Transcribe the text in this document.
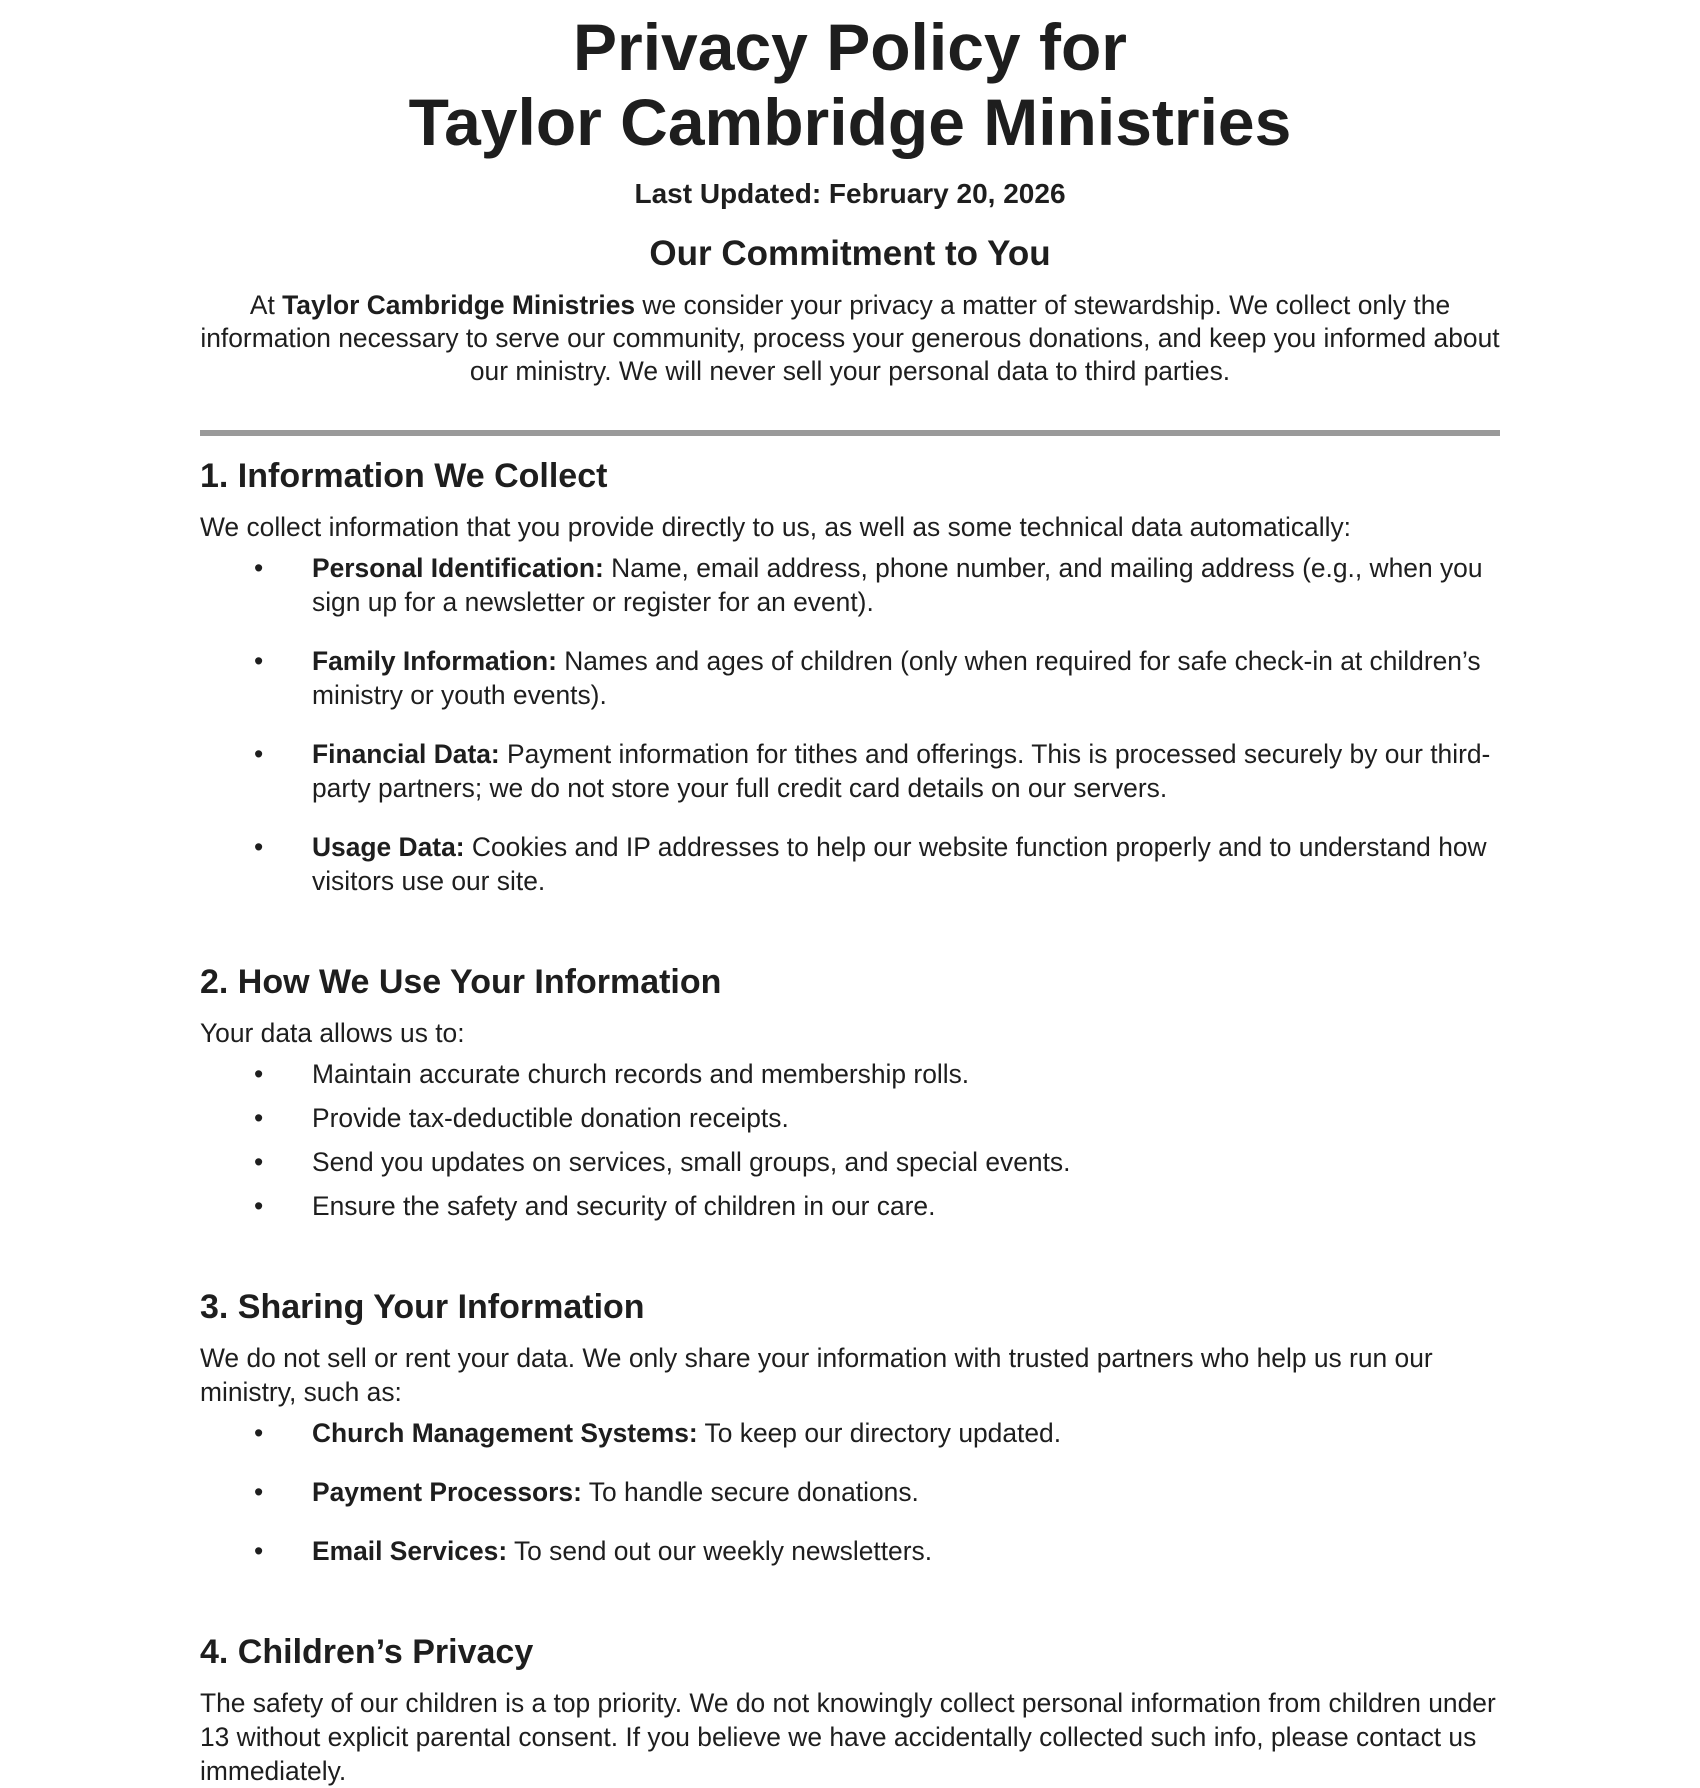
Privacy Policy for
Taylor Cambridge Ministries

Last Updated: February 20, 2026

Our Commitment to You

At Taylor Cambridge Ministries we consider your privacy a matter of stewardship. We collect only the information necessary to serve our community, process your generous donations, and keep you informed about our ministry. We will never sell your personal data to third parties.

1. Information We Collect

We collect information that you provide directly to us, as well as some technical data automatically:

• Personal Identification: Name, email address, phone number, and mailing address (e.g., when you sign up for a newsletter or register for an event).
• Family Information: Names and ages of children (only when required for safe check-in at children’s ministry or youth events).
• Financial Data: Payment information for tithes and offerings. This is processed securely by our third-party partners; we do not store your full credit card details on our servers.
• Usage Data: Cookies and IP addresses to help our website function properly and to understand how visitors use our site.
2. How We Use Your Information

Your data allows us to:

• Maintain accurate church records and membership rolls.
• Provide tax-deductible donation receipts.
• Send you updates on services, small groups, and special events.
• Ensure the safety and security of children in our care.
3. Sharing Your Information

We do not sell or rent your data. We only share your information with trusted partners who help us run our ministry, such as:

• Church Management Systems: To keep our directory updated.
• Payment Processors: To handle secure donations.
• Email Services: To send out our weekly newsletters.
4. Children’s Privacy

The safety of our children is a top priority. We do not knowingly collect personal information from children under 13 without explicit parental consent. If you believe we have accidentally collected such info, please contact us immediately.
